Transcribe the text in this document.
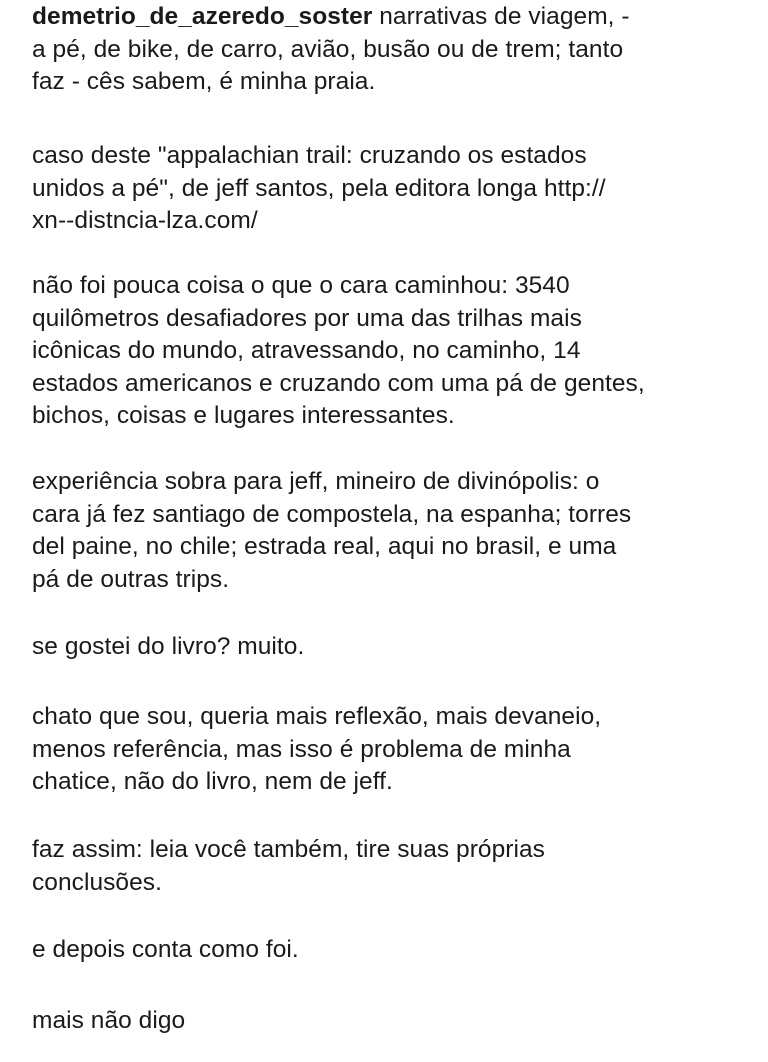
demetrio_de_azeredo_soster narrativas de viagem, -
a pé, de bike, de carro, avião, busão ou de trem; tanto
faz - cês sabem, é minha praia.

caso deste "appalachian trail: cruzando os estados
unidos a pé", de jeff santos, pela editora longa http://
xn--distncia-lza.com/

não foi pouca coisa o que o cara caminhou: 3540
quilômetros desafiadores por uma das trilhas mais
icônicas do mundo, atravessando, no caminho, 14
estados americanos e cruzando com uma pá de gentes,
bichos, coisas e lugares interessantes.

experiência sobra para jeff, mineiro de divinópolis: o
cara já fez santiago de compostela, na espanha; torres
del paine, no chile; estrada real, aqui no brasil, e uma
pá de outras trips.

se gostei do livro? muito.

chato que sou, queria mais reflexão, mais devaneio,
menos referência, mas isso é problema de minha
chatice, não do livro, nem de jeff.

faz assim: leia você também, tire suas próprias
conclusões.

e depois conta como foi.

mais não digo
